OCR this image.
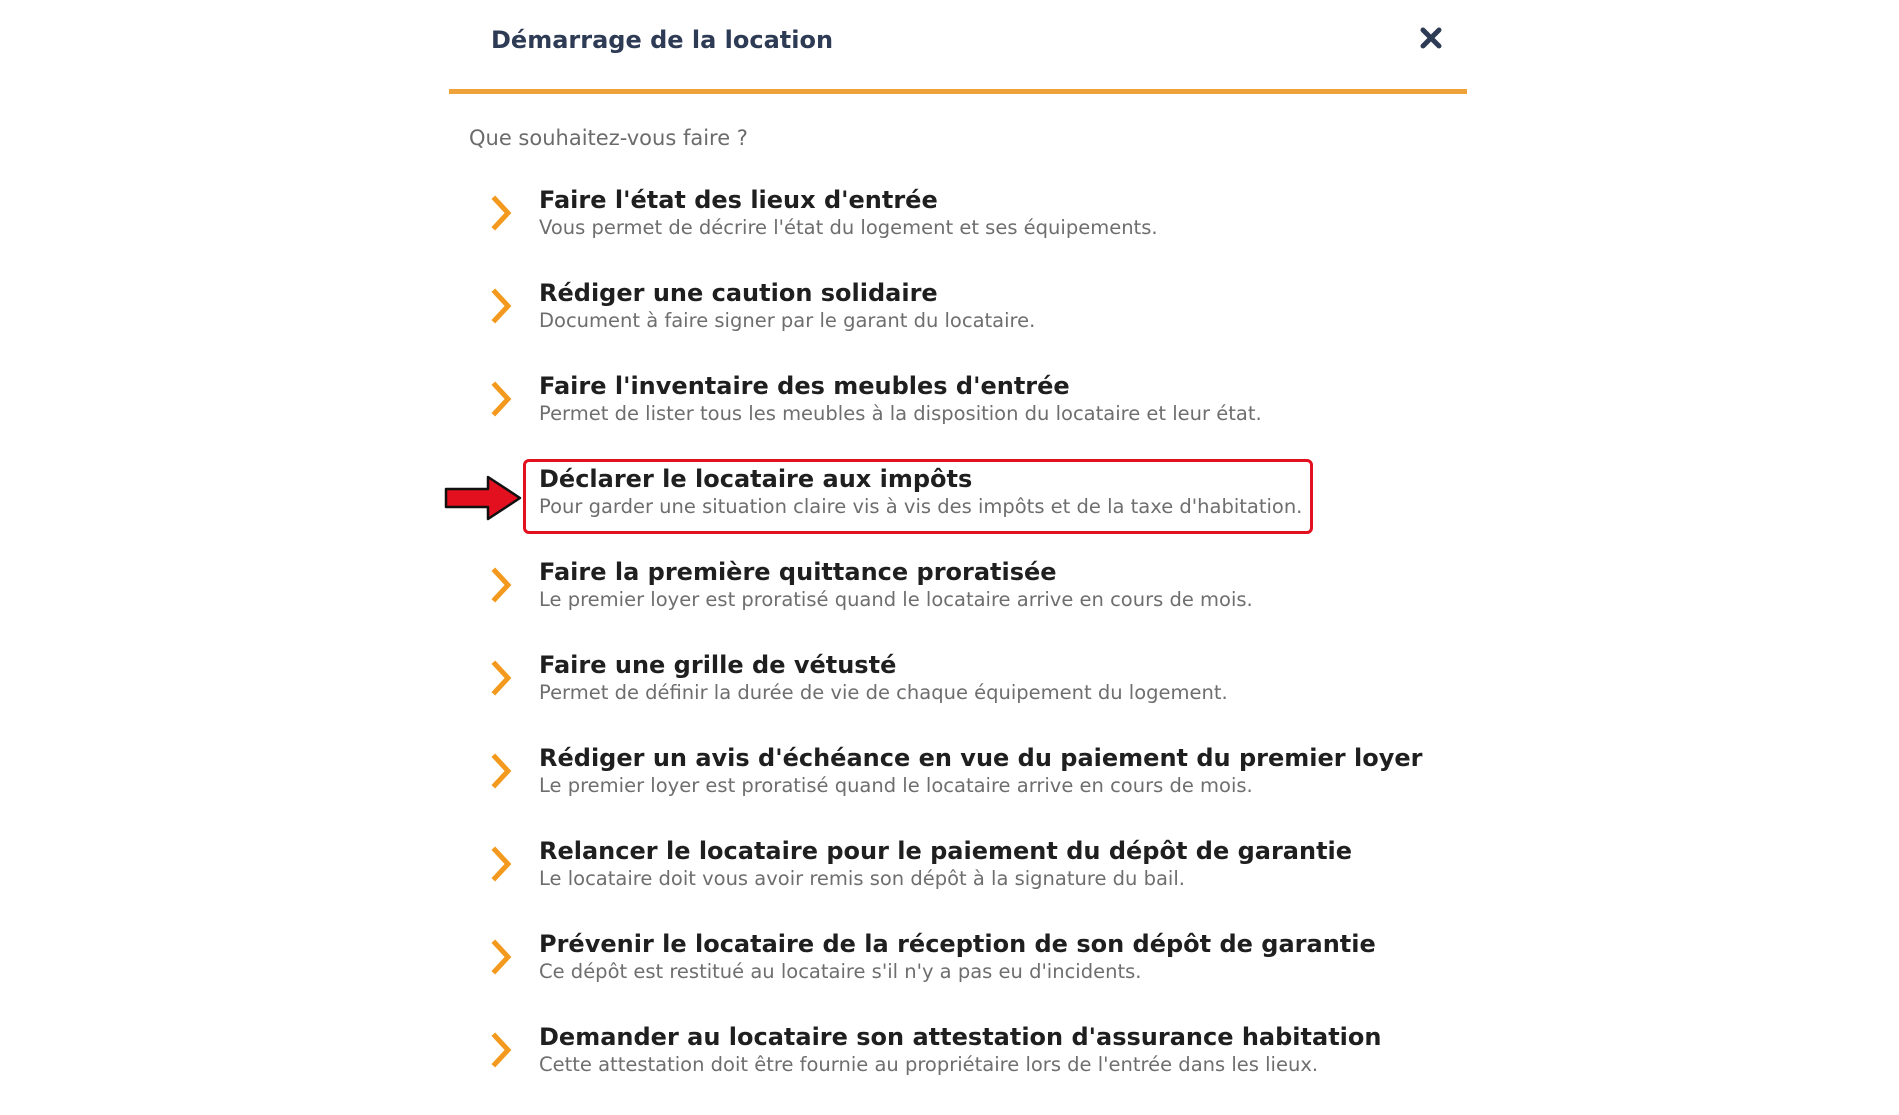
Démarrage de la location
Que souhaitez-vous faire ?
Faire l'état des lieux d'entrée
Vous permet de décrire l'état du logement et ses équipements.
Rédiger une caution solidaire
Document à faire signer par le garant du locataire.
Faire l'inventaire des meubles d'entrée
Permet de lister tous les meubles à la disposition du locataire et leur état.
Déclarer le locataire aux impôts
Pour garder une situation claire vis à vis des impôts et de la taxe d'habitation.
Faire la première quittance proratisée
Le premier loyer est proratisé quand le locataire arrive en cours de mois.
Faire une grille de vétusté
Permet de définir la durée de vie de chaque équipement du logement.
Rédiger un avis d'échéance en vue du paiement du premier loyer
Le premier loyer est proratisé quand le locataire arrive en cours de mois.
Relancer le locataire pour le paiement du dépôt de garantie
Le locataire doit vous avoir remis son dépôt à la signature du bail.
Prévenir le locataire de la réception de son dépôt de garantie
Ce dépôt est restitué au locataire s'il n'y a pas eu d'incidents.
Demander au locataire son attestation d'assurance habitation
Cette attestation doit être fournie au propriétaire lors de l'entrée dans les lieux.
